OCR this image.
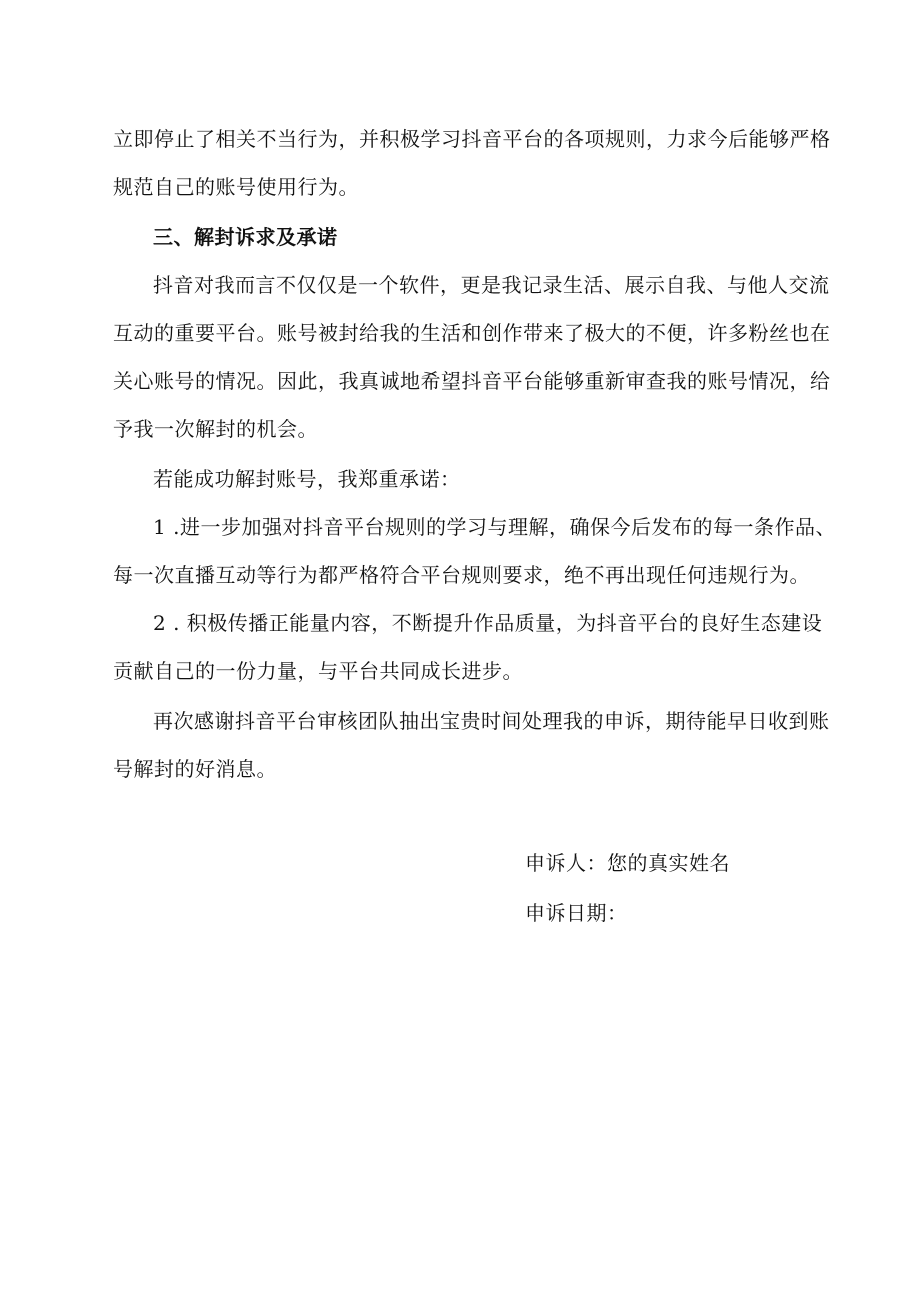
立即停止了相关不当行为，并积极学习抖音平台的各项规则，力求今后能够严格
规范自己的账号使用行为。
三、解封诉求及承诺
抖音对我而言不仅仅是一个软件，更是我记录生活、展示自我、与他人交流
互动的重要平台。账号被封给我的生活和创作带来了极大的不便，许多粉丝也在
关心账号的情况。因此，我真诚地希望抖音平台能够重新审查我的账号情况，给
予我一次解封的机会。
若能成功解封账号，我郑重承诺：
1 .进一步加强对抖音平台规则的学习与理解，确保今后发布的每一条作品、
每一次直播互动等行为都严格符合平台规则要求，绝不再出现任何违规行为。
2 . 积极传播正能量内容，不断提升作品质量，为抖音平台的良好生态建设
贡献自己的一份力量，与平台共同成长进步。
再次感谢抖音平台审核团队抽出宝贵时间处理我的申诉，期待能早日收到账
号解封的好消息。
申诉人：您的真实姓名
申诉日期：
